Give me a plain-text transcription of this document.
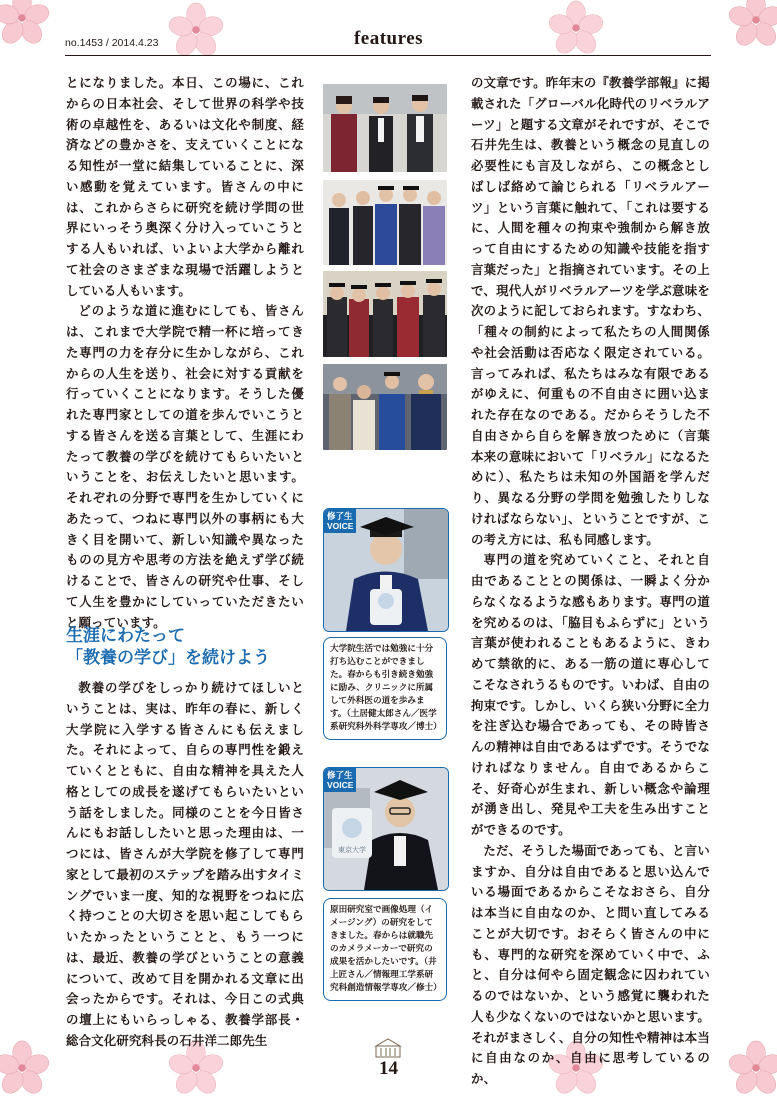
no.1453 / 2014.4.23	features

とになりました。本日、この場に、これからの日本社会、そして世界の科学や技術の卓越性を、あるいは文化や制度、経済などの豊かさを、支えていくことになる知性が一堂に結集していることに、深い感動を覚えています。皆さんの中には、これからさらに研究を続け学問の世界にいっそう奥深く分け入っていこうとする人もいれば、いよいよ大学から離れて社会のさまざまな現場で活躍しようとしている人もいます。

どのような道に進むにしても、皆さんは、これまで大学院で精一杯に培ってきた専門の力を存分に生かしながら、これからの人生を送り、社会に対する貢献を行っていくことになります。そうした優れた専門家としての道を歩んでいこうとする皆さんを送る言葉として、生涯にわたって教養の学びを続けてもらいたいということを、お伝えしたいと思います。それぞれの分野で専門を生かしていくにあたって、つねに専門以外の事柄にも大きく目を開いて、新しい知識や異なったものの見方や思考の方法を絶えず学び続けることで、皆さんの研究や仕事、そして人生を豊かにしていっていただきたいと願っています。

生涯にわたって
「教養の学び」を続けよう

教養の学びをしっかり続けてほしいということは、実は、昨年の春に、新しく大学院に入学する皆さんにも伝えました。それによって、自らの専門性を鍛えていくとともに、自由な精神を具えた人格としての成長を遂げてもらいたいという話をしました。同様のことを今日皆さんにもお話ししたいと思った理由は、一つには、皆さんが大学院を修了して専門家として最初のステップを踏み出すタイミングでいま一度、知的な視野をつねに広く持つことの大切さを思い起こしてもらいたかったということと、もう一つには、最近、教養の学びということの意義について、改めて目を開かれる文章に出会ったからです。それは、今日この式典の壇上にもいらっしゃる、教養学部長・総合文化研究科長の石井洋二郎先生

修了生
VOICE
大学院生活では勉強に十分打ち込むことができました。春からも引き続き勉強に励み、クリニックに所属して外科医の道を歩みます。（土居健太郎さん／医学系研究科外科学専攻／博士）
修了生
VOICE
東京大学
原田研究室で画像処理（イメージング）の研究をしてきました。春からは就職先のカメラメーカーで研究の成果を活かしたいです。（井上匠さん／情報理工学系研究科創造情報学専攻／修士）

の文章です。昨年末の『教養学部報』に掲載された「グローバル化時代のリベラルアーツ」と題する文章がそれですが、そこで石井先生は、教養という概念の見直しの必要性にも言及しながら、この概念としばしば絡めて論じられる「リベラルアーツ」という言葉に触れて、「これは要するに、人間を種々の拘束や強制から解き放って自由にするための知識や技能を指す言葉だった」と指摘されています。その上で、現代人がリベラルアーツを学ぶ意味を次のように記しておられます。すなわち、「種々の制約によって私たちの人間関係や社会活動は否応なく限定されている。言ってみれば、私たちはみな有限であるがゆえに、何重もの不自由さに囲い込まれた存在なのである。だからそうした不自由さから自らを解き放つために（言葉本来の意味において「リベラル」になるために）、私たちは未知の外国語を学んだり、異なる分野の学問を勉強したりしなければならない」、ということですが、この考え方には、私も同感します。

専門の道を究めていくこと、それと自由であることとの関係は、一瞬よく分からなくなるような感もあります。専門の道を究めるのは、「脇目もふらずに」という言葉が使われることもあるように、きわめて禁欲的に、ある一筋の道に専心してこそなされうるものです。いわば、自由の拘束です。しかし、いくら狭い分野に全力を注ぎ込む場合であっても、その時皆さんの精神は自由であるはずです。そうでなければなりません。自由であるからこそ、好奇心が生まれ、新しい概念や論理が湧き出し、発見や工夫を生み出すことができるのです。

ただ、そうした場面であっても、と言いますか、自分は自由であると思い込んでいる場面であるからこそなおさら、自分は本当に自由なのか、と問い直してみることが大切です。おそらく皆さんの中にも、専門的な研究を深めていく中で、ふと、自分は何やら固定観念に囚われているのではないか、という感覚に襲われた人も少なくないのではないかと思います。それがまさしく、自分の知性や精神は本当に自由なのか、自由に思考しているのか、

14
